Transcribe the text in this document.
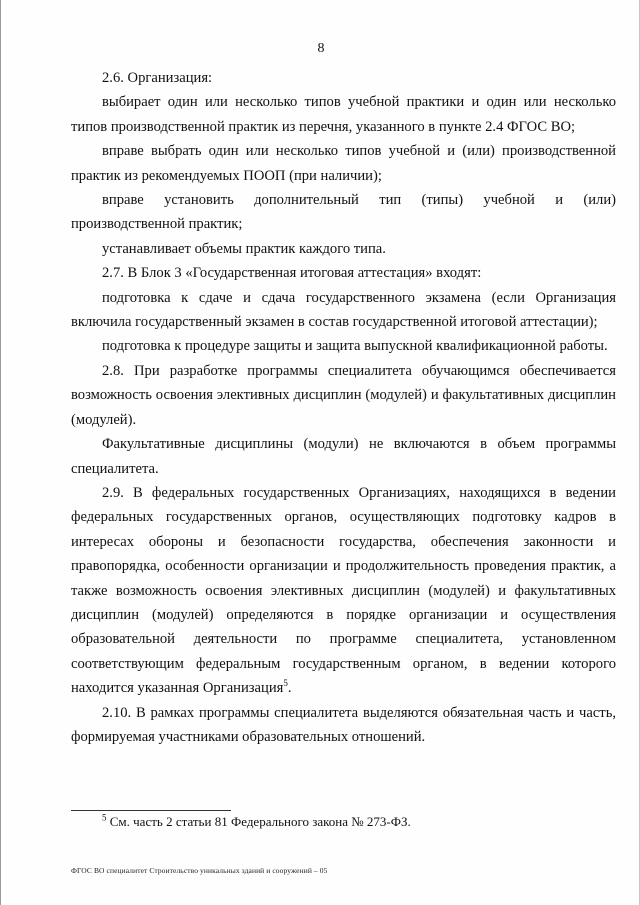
8

2.6. Организация:

выбирает один или несколько типов учебной практики и один или несколько типов производственной практик из перечня, указанного в пункте 2.4 ФГОС ВО;

вправе выбрать один или несколько типов учебной и (или) производственной практик из рекомендуемых ПООП (при наличии);

вправе установить дополнительный тип (типы) учебной и (или) производственной практик;

устанавливает объемы практик каждого типа.

2.7. В Блок 3 «Государственная итоговая аттестация» входят:

подготовка к сдаче и сдача государственного экзамена (если Организация включила государственный экзамен в состав государственной итоговой аттестации);

подготовка к процедуре защиты и защита выпускной квалификационной работы.

2.8. При разработке программы специалитета обучающимся обеспечивается возможность освоения элективных дисциплин (модулей) и факультативных дисциплин (модулей).

Факультативные дисциплины (модули) не включаются в объем программы специалитета.

2.9. В федеральных государственных Организациях, находящихся в ведении федеральных государственных органов, осуществляющих подготовку кадров в интересах обороны и безопасности государства, обеспечения законности и правопорядка, особенности организации и продолжительность проведения практик, а также возможность освоения элективных дисциплин (модулей) и факультативных дисциплин (модулей) определяются в порядке организации и осуществления образовательной деятельности по программе специалитета, установленном соответствующим федеральным государственным органом, в ведении которого находится указанная Организация$^5$.

2.10. В рамках программы специалитета выделяются обязательная часть и часть, формируемая участниками образовательных отношений.

$^5$ См. часть 2 статьи 81 Федерального закона № 273-ФЗ.
ФГОС ВО специалитет Строительство уникальных зданий и сооружений – 05
